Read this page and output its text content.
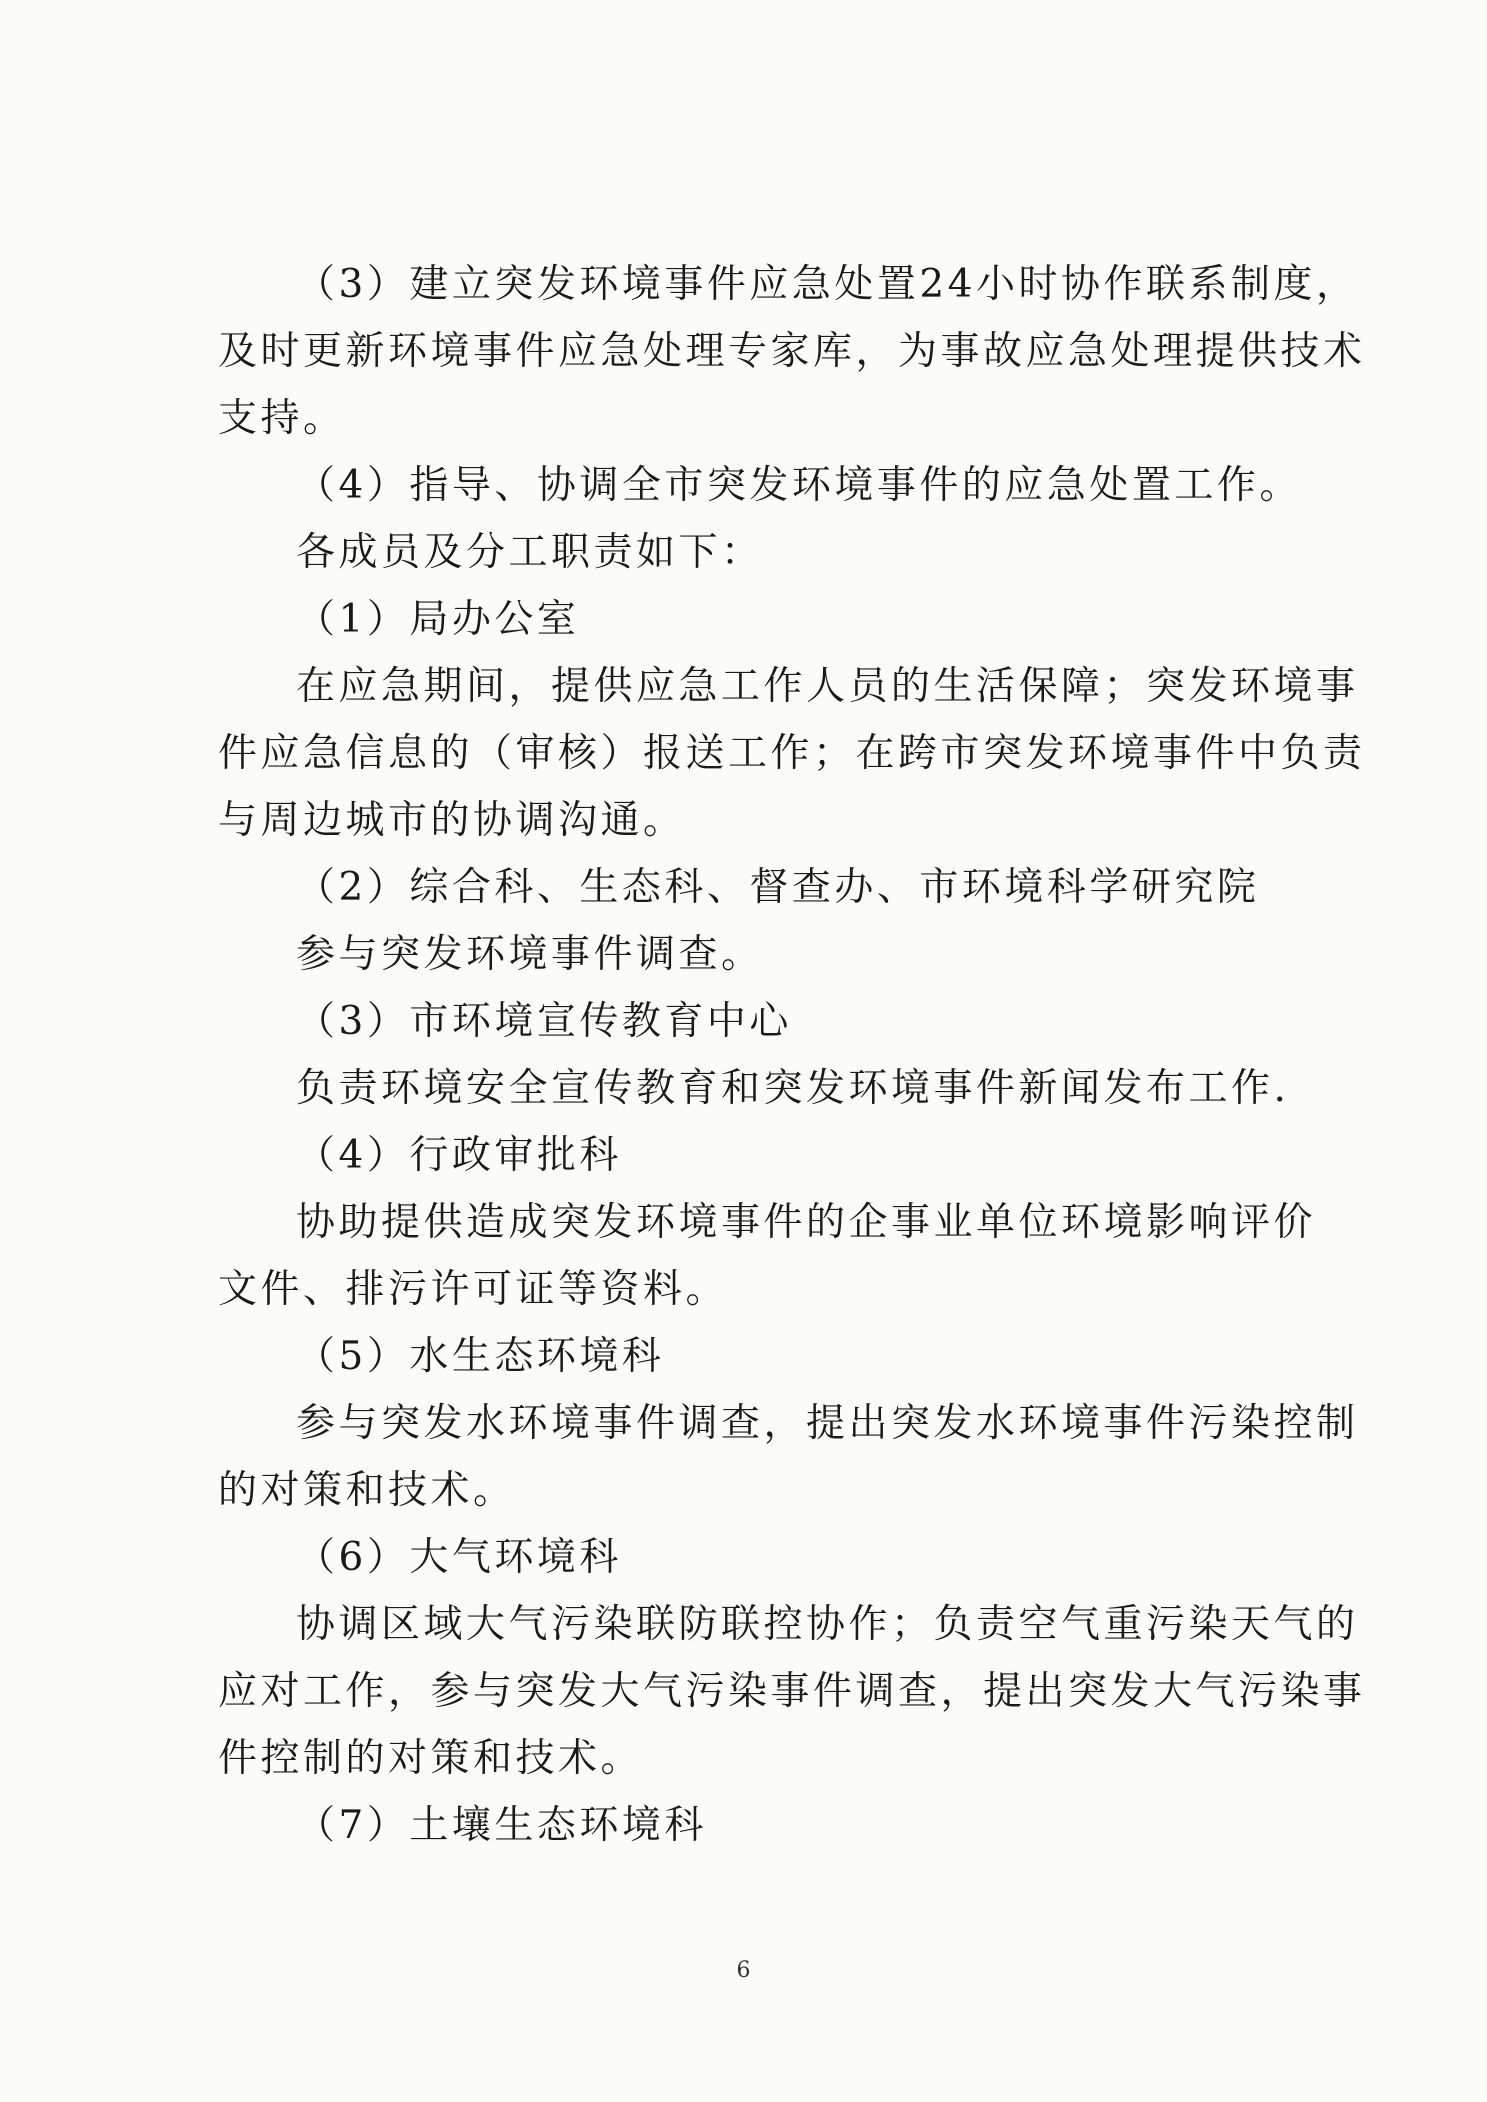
（3）建立突发环境事件应急处置24小时协作联系制度，
及时更新环境事件应急处理专家库，为事故应急处理提供技术
支持。
（4）指导、协调全市突发环境事件的应急处置工作。
各成员及分工职责如下：
（1）局办公室
在应急期间，提供应急工作人员的生活保障；突发环境事
件应急信息的（审核）报送工作；在跨市突发环境事件中负责
与周边城市的协调沟通。
（2）综合科、生态科、督查办、市环境科学研究院
参与突发环境事件调查。
（3）市环境宣传教育中心
负责环境安全宣传教育和突发环境事件新闻发布工作.
（4）行政审批科
协助提供造成突发环境事件的企事业单位环境影响评价
文件、排污许可证等资料。
（5）水生态环境科
参与突发水环境事件调查，提出突发水环境事件污染控制
的对策和技术。
（6）大气环境科
协调区域大气污染联防联控协作；负责空气重污染天气的
应对工作，参与突发大气污染事件调查，提出突发大气污染事
件控制的对策和技术。
（7）土壤生态环境科
6
